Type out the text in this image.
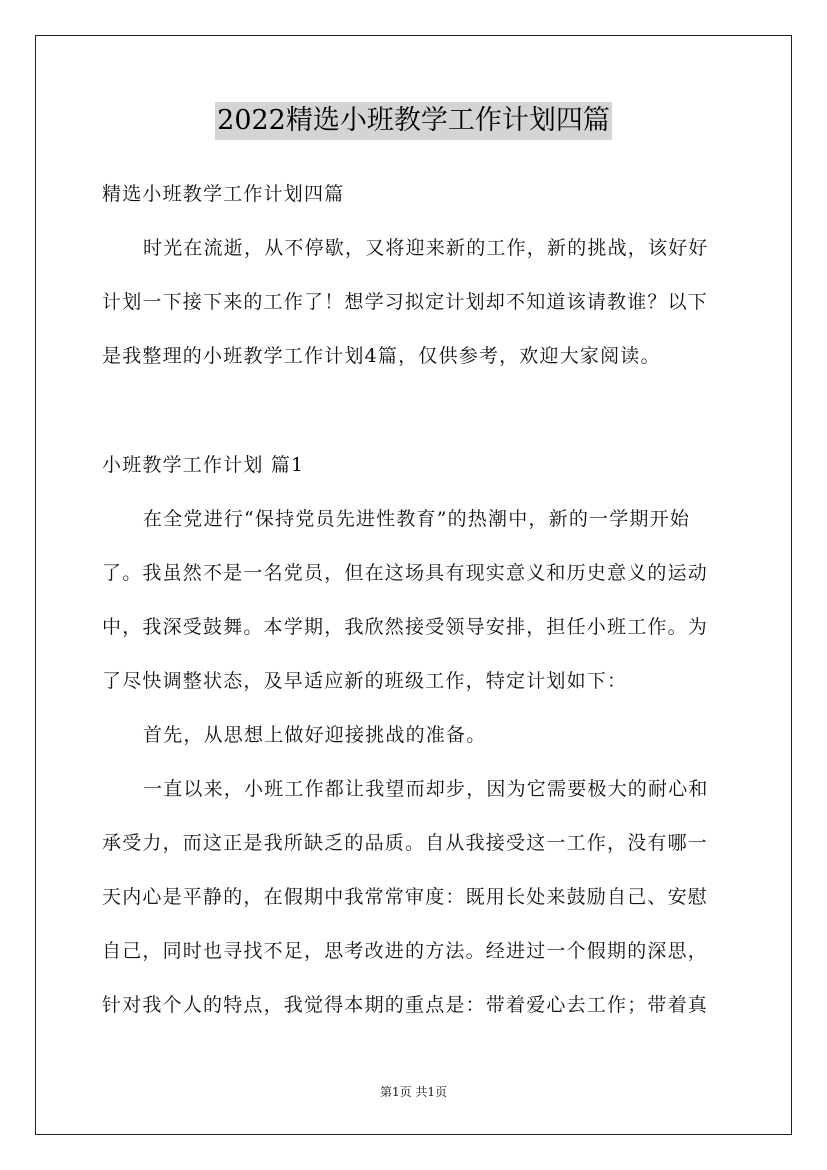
2022精选小班教学工作计划四篇
精选小班教学工作计划四篇
时光在流逝，从不停歇，又将迎来新的工作，新的挑战，该好好
计划一下接下来的工作了！想学习拟定计划却不知道该请教谁？以下
是我整理的小班教学工作计划4篇，仅供参考，欢迎大家阅读。
小班教学工作计划 篇1
在全党进行“保持党员先进性教育”的热潮中，新的一学期开始
了。我虽然不是一名党员，但在这场具有现实意义和历史意义的运动
中，我深受鼓舞。本学期，我欣然接受领导安排，担任小班工作。为
了尽快调整状态，及早适应新的班级工作，特定计划如下：
首先，从思想上做好迎接挑战的准备。
一直以来，小班工作都让我望而却步，因为它需要极大的耐心和
承受力，而这正是我所缺乏的品质。自从我接受这一工作，没有哪一
天内心是平静的，在假期中我常常审度：既用长处来鼓励自己、安慰
自己，同时也寻找不足，思考改进的方法。经进过一个假期的深思，
针对我个人的特点，我觉得本期的重点是：带着爱心去工作；带着真
第1页 共1页
